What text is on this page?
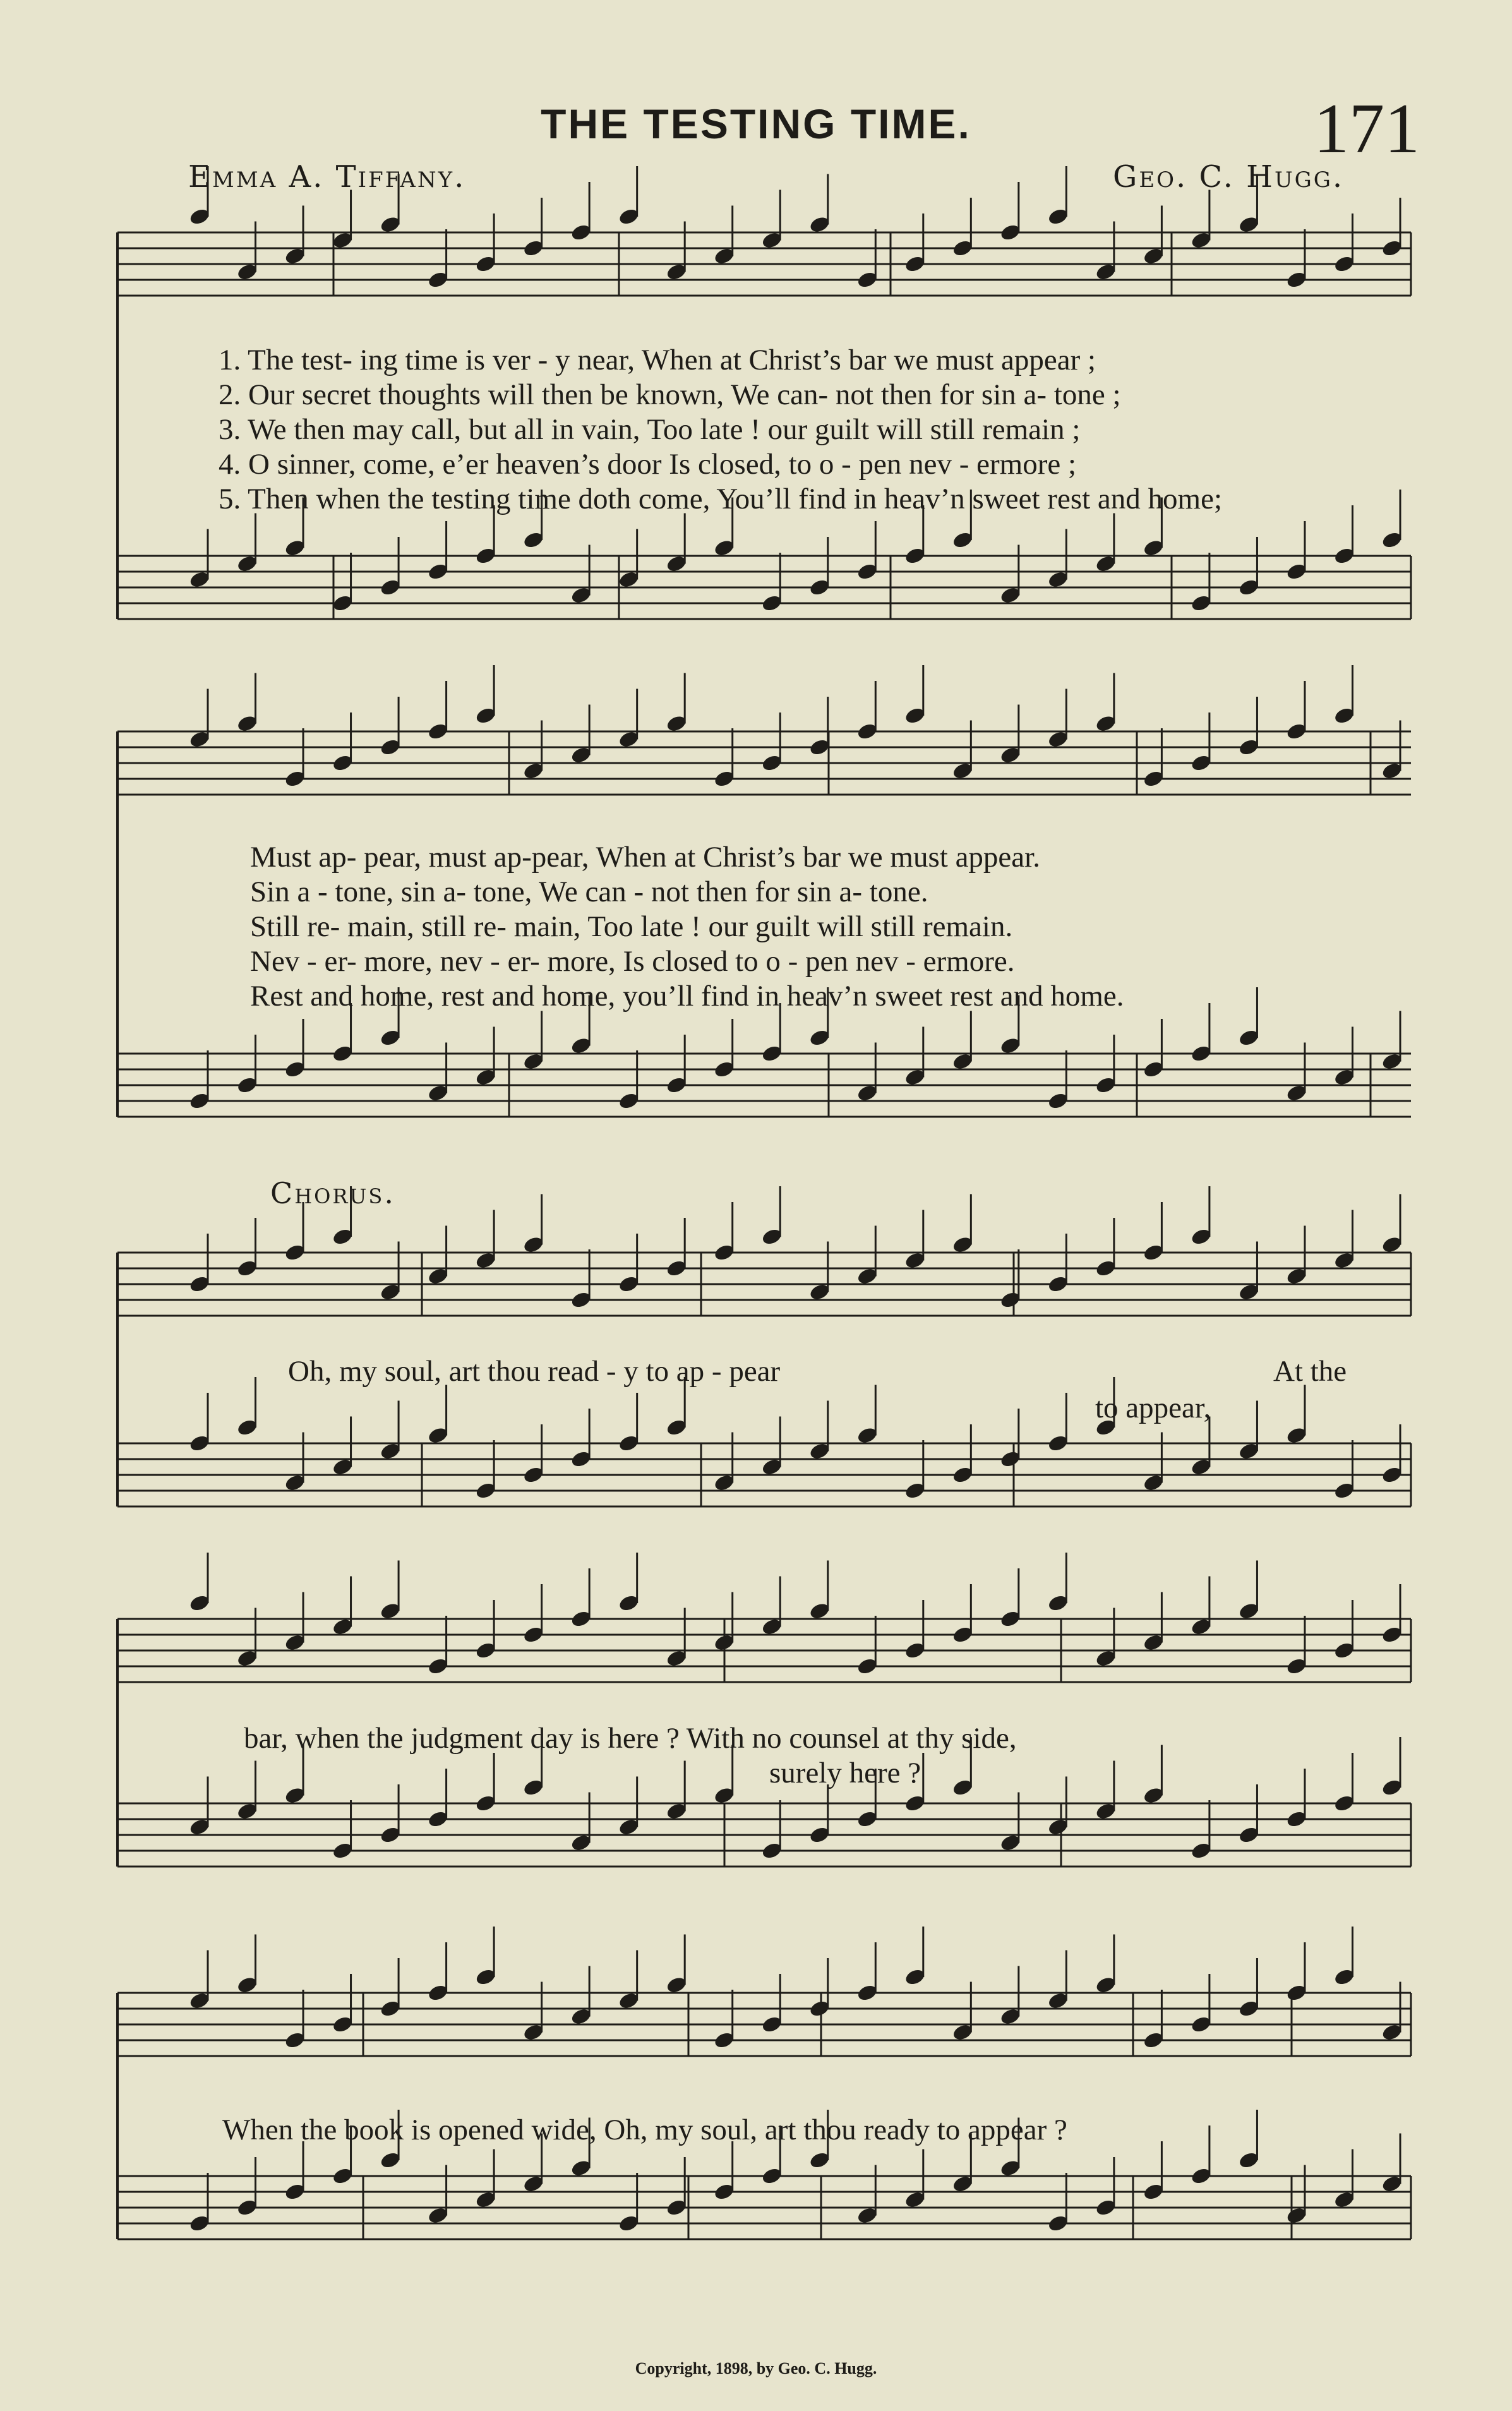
171
THE TESTING TIME.
Emma A. Tiffany.	Geo. C. Hugg.
1. The test- ing time is ver - y near, When at Christ’s bar we must appear ;
2. Our secret thoughts will then be known, We can- not then for sin a- tone ;
3. We then may call, but all in vain, Too late ! our guilt will still remain ;
4. O sinner, come, e’er heaven’s door Is closed, to o - pen nev - ermore ;
5. Then when the testing time doth come, You’ll find in heav’n sweet rest and home;
Must ap- pear, must ap-pear, When at Christ’s bar we must appear.
Sin a - tone, sin a- tone, We can - not then for sin a- tone.
Still re- main, still re- main, Too late ! our guilt will still remain.
Nev - er- more, nev - er- more, Is closed to o - pen nev - ermore.
Rest and home, rest and home, you’ll find in heav’n sweet rest and home.
Chorus.
Oh, my soul, art thou read - y to ap - pear	At the
to appear,
bar, when the judgment day is here ? With no counsel at thy side,
surely here ?
When the book is opened wide, Oh, my soul, art thou ready to appear ?
Copyright, 1898, by Geo. C. Hugg.
